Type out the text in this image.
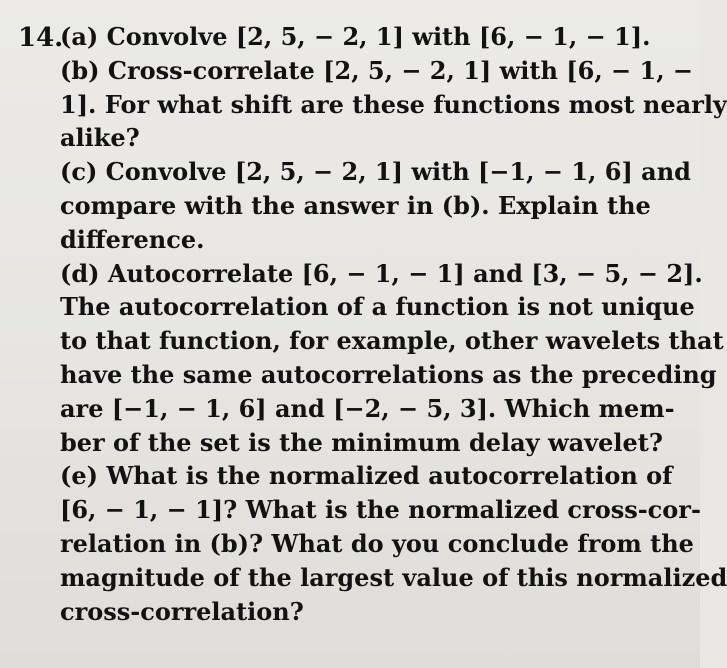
14.
(a) Convolve [2, 5, − 2, 1] with [6, − 1, − 1].
(b) Cross-correlate [2, 5, − 2, 1] with [6, − 1, −
1]. For what shift are these functions most nearly
alike?
(c) Convolve [2, 5, − 2, 1] with [−1, − 1, 6] and
compare with the answer in (b). Explain the
difference.
(d) Autocorrelate [6, − 1, − 1] and [3, − 5, − 2].
The autocorrelation of a function is not unique
to that function, for example, other wavelets that
have the same autocorrelations as the preceding
are [−1, − 1, 6] and [−2, − 5, 3]. Which mem-
ber of the set is the minimum delay wavelet?
(e) What is the normalized autocorrelation of
[6, − 1, − 1]? What is the normalized cross-cor-
relation in (b)? What do you conclude from the
magnitude of the largest value of this normalized
cross-correlation?
